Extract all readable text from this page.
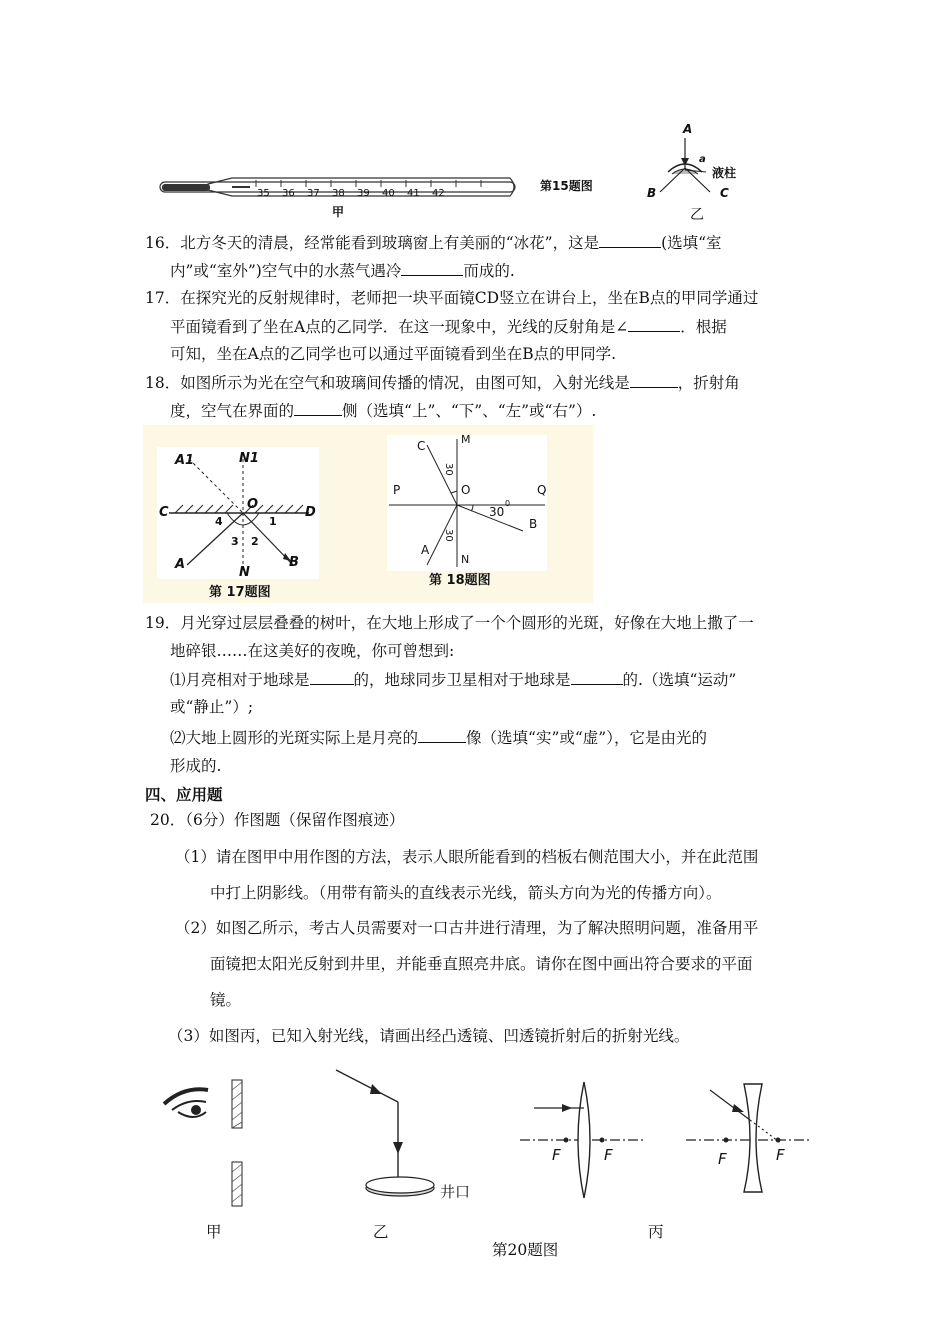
35 36 37 38 39 40 41 42
甲
第15题图
A
a
液柱
B	C
乙
16．北方冬天的清晨，经常能看到玻璃窗上有美丽的“冰花”，这是	(选填“室
内”或“室外”)空气中的水蒸气遇冷	而成的.
17．在探究光的反射规律时，老师把一块平面镜CD竖立在讲台上，坐在B点的甲同学通过
平面镜看到了坐在A点的乙同学．在这一现象中，光线的反射角是∠	．根据
可知，坐在A点的乙同学也可以通过平面镜看到坐在B点的甲同学.
18．如图所示为光在空气和玻璃间传播的情况，由图可知，入射光线是	，折射角
度，空气在界面的	侧（选填“上”、“下”、“左”或“右”）.
A1	N1
C
O
D
4	1
3 2
A
N
B
第 17题图
C	M
30
P	O	Q
30
0
B
30
A
N
第 18题图
19．月光穿过层层叠叠的树叶，在大地上形成了一个个圆形的光斑，好像在大地上撒了一
地碎银……在这美好的夜晚，你可曾想到:
⑴月亮相对于地球是	的，地球同步卫星相对于地球是	的.（选填“运动”
或“静止”）;
⑵大地上圆形的光斑实际上是月亮的	像（选填“实”或“虚”），它是由光的
形成的.
四、应用题
20．（6分）作图题（保留作图痕迹）
（1）请在图甲中用作图的方法，表示人眼所能看到的档板右侧范围大小，并在此范围
中打上阴影线。（用带有箭头的直线表示光线，箭头方向为光的传播方向）。
（2）如图乙所示，考古人员需要对一口古井进行清理，为了解决照明问题，准备用平
面镜把太阳光反射到井里，并能垂直照亮井底。请你在图中画出符合要求的平面
镜。
（3）如图丙，已知入射光线，请画出经凸透镜、凹透镜折射后的折射光线。
井口
F	F	F	F
甲	乙	丙
第20题图
